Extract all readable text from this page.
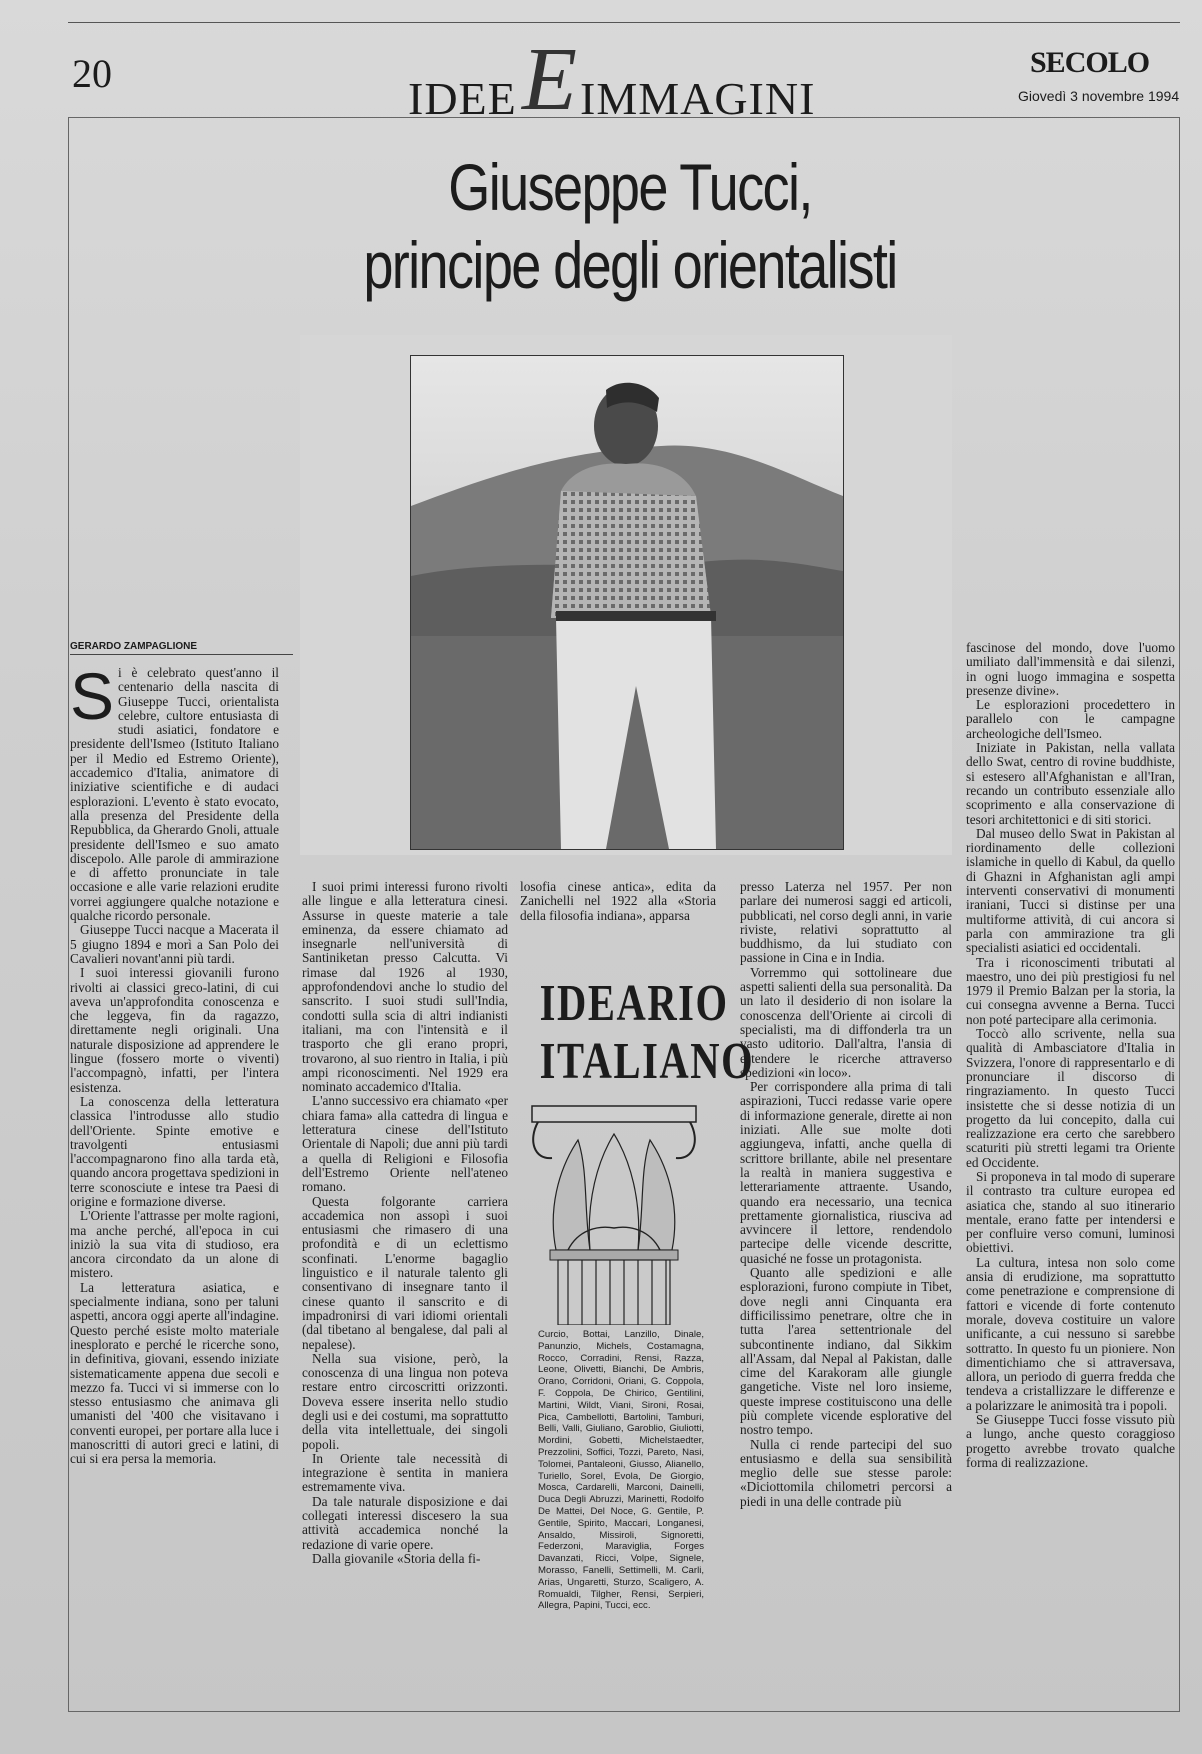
20	IDEE E IMMAGINI
SECOLO
Giovedì 3 novembre 1994
Giuseppe Tucci,
principe degli orientalisti
GERARDO ZAMPAGLIONE
S i è celebrato quest'anno il centenario della nascita di Giuseppe Tucci, orientalista celebre, cultore entusiasta di studi asiatici, fondatore e presidente dell'Ismeo (Istituto Italiano per il Medio ed Estremo Oriente), accademico d'Italia, animatore di iniziative scientifiche e di audaci esplorazioni. L'evento è stato evocato, alla presenza del Presidente della Repubblica, da Gherardo Gnoli, attuale presidente dell'Ismeo e suo amato discepolo. Alle parole di ammirazione e di affetto pronunciate in tale occasione e alle varie relazioni erudite vorrei aggiungere qualche notazione e qualche ricordo personale.

Giuseppe Tucci nacque a Macerata il 5 giugno 1894 e morì a San Polo dei Cavalieri novant'anni più tardi.

I suoi interessi giovanili furono rivolti ai classici greco-latini, di cui aveva un'approfondita conoscenza e che leggeva, fin da ragazzo, direttamente negli originali. Una naturale disposizione ad apprendere le lingue (fossero morte o viventi) l'accompagnò, infatti, per l'intera esistenza.

La conoscenza della letteratura classica l'introdusse allo studio dell'Oriente. Spinte emotive e travolgenti entusiasmi l'accompagnarono fino alla tarda età, quando ancora progettava spedizioni in terre sconosciute e intese tra Paesi di origine e formazione diverse.

L'Oriente l'attrasse per molte ragioni, ma anche perché, all'epoca in cui iniziò la sua vita di studioso, era ancora circondato da un alone di mistero.

La letteratura asiatica, e specialmente indiana, sono per taluni aspetti, ancora oggi aperte all'indagine. Questo perché esiste molto materiale inesplorato e perché le ricerche sono, in definitiva, giovani, essendo iniziate sistematicamente appena due secoli e mezzo fa. Tucci vi si immerse con lo stesso entusiasmo che animava gli umanisti del '400 che visitavano i conventi europei, per portare alla luce i manoscritti di autori greci e latini, di cui si era persa la memoria.

I suoi primi interessi furono rivolti alle lingue e alla letteratura cinesi. Assurse in queste materie a tale eminenza, da essere chiamato ad insegnarle nell'università di Santiniketan presso Calcutta. Vi rimase dal 1926 al 1930, approfondendovi anche lo studio del sanscrito. I suoi studi sull'India, condotti sulla scia di altri indianisti italiani, ma con l'intensità e il trasporto che gli erano propri, trovarono, al suo rientro in Italia, i più ampi riconoscimenti. Nel 1929 era nominato accademico d'Italia.

L'anno successivo era chiamato «per chiara fama» alla cattedra di lingua e letteratura cinese dell'Istituto Orientale di Napoli; due anni più tardi a quella di Religioni e Filosofia dell'Estremo Oriente nell'ateneo romano.

Questa folgorante carriera accademica non assopì i suoi entusiasmi che rimasero di una profondità e di un eclettismo sconfinati. L'enorme bagaglio linguistico e il naturale talento gli consentivano di insegnare tanto il cinese quanto il sanscrito e di impadronirsi di vari idiomi orientali (dal tibetano al bengalese, dal pali al nepalese).

Nella sua visione, però, la conoscenza di una lingua non poteva restare entro circoscritti orizzonti. Doveva essere inserita nello studio degli usi e dei costumi, ma soprattutto della vita intellettuale, dei singoli popoli.

In Oriente tale necessità di integrazione è sentita in maniera estremamente viva.

Da tale naturale disposizione e dai collegati interessi discesero la sua attività accademica nonché la redazione di varie opere.

Dalla giovanile «Storia della fi-

losofia cinese antica», edita da Zanichelli nel 1922 alla «Storia della filosofia indiana», apparsa

IDEARIO
ITALIANO
Curcio, Bottai, Lanzillo, Dinale, Panunzio, Michels, Costamagna, Rocco, Corradini, Rensi, Razza, Leone, Olivetti, Bianchi, De Ambris, Orano, Corridoni, Oriani, G. Coppola, F. Coppola, De Chirico, Gentilini, Martini, Wildt, Viani, Sironi, Rosai, Pica, Cambellotti, Bartolini, Tamburi, Belli, Valli, Giuliano, Garoblio, Giuliotti, Mordini, Gobetti, Michelstaedter, Prezzolini, Soffici, Tozzi, Pareto, Nasi, Tolomei, Pantaleoni, Giusso, Alianello, Turiello, Sorel, Evola, De Giorgio, Mosca, Cardarelli, Marconi, Dainelli, Duca Degli Abruzzi, Marinetti, Rodolfo De Mattei, Del Noce, G. Gentile, P. Gentile, Spirito, Maccari, Longanesi, Ansaldo, Missiroli, Signoretti, Federzoni, Maraviglia, Forges Davanzati, Ricci, Volpe, Signele, Morasso, Fanelli, Settimelli, M. Carli, Arias, Ungaretti, Sturzo, Scaligero, A. Romualdi, Tilgher, Rensi, Serpieri, Allegra, Papini, Tucci, ecc.

presso Laterza nel 1957. Per non parlare dei numerosi saggi ed articoli, pubblicati, nel corso degli anni, in varie riviste, relativi soprattutto al buddhismo, da lui studiato con passione in Cina e in India.

Vorremmo qui sottolineare due aspetti salienti della sua personalità. Da un lato il desiderio di non isolare la conoscenza dell'Oriente ai circoli di specialisti, ma di diffonderla tra un vasto uditorio. Dall'altra, l'ansia di estendere le ricerche attraverso spedizioni «in loco».

Per corrispondere alla prima di tali aspirazioni, Tucci redasse varie opere di informazione generale, dirette ai non iniziati. Alle sue molte doti aggiungeva, infatti, anche quella di scrittore brillante, abile nel presentare la realtà in maniera suggestiva e letterariamente attraente. Usando, quando era necessario, una tecnica prettamente giornalistica, riusciva ad avvincere il lettore, rendendolo partecipe delle vicende descritte, quasiché ne fosse un protagonista.

Quanto alle spedizioni e alle esplorazioni, furono compiute in Tibet, dove negli anni Cinquanta era difficilissimo penetrare, oltre che in tutta l'area settentrionale del subcontinente indiano, dal Sikkim all'Assam, dal Nepal al Pakistan, dalle cime del Karakoram alle giungle gangetiche. Viste nel loro insieme, queste imprese costituiscono una delle più complete vicende esplorative del nostro tempo.

Nulla ci rende partecipi del suo entusiasmo e della sua sensibilità meglio delle sue stesse parole: «Diciottomila chilometri percorsi a piedi in una delle contrade più

fascinose del mondo, dove l'uomo umiliato dall'immensità e dai silenzi, in ogni luogo immagina e sospetta presenze divine».

Le esplorazioni procedettero in parallelo con le campagne archeologiche dell'Ismeo.

Iniziate in Pakistan, nella vallata dello Swat, centro di rovine buddhiste, si estesero all'Afghanistan e all'Iran, recando un contributo essenziale allo scoprimento e alla conservazione di tesori architettonici e di siti storici.

Dal museo dello Swat in Pakistan al riordinamento delle collezioni islamiche in quello di Kabul, da quello di Ghazni in Afghanistan agli ampi interventi conservativi di monumenti iraniani, Tucci si distinse per una multiforme attività, di cui ancora si parla con ammirazione tra gli specialisti asiatici ed occidentali.

Tra i riconoscimenti tributati al maestro, uno dei più prestigiosi fu nel 1979 il Premio Balzan per la storia, la cui consegna avvenne a Berna. Tucci non poté partecipare alla cerimonia.

Toccò allo scrivente, nella sua qualità di Ambasciatore d'Italia in Svizzera, l'onore di rappresentarlo e di pronunciare il discorso di ringraziamento. In questo Tucci insistette che si desse notizia di un progetto da lui concepito, dalla cui realizzazione era certo che sarebbero scaturiti più stretti legami tra Oriente ed Occidente.

Si proponeva in tal modo di superare il contrasto tra culture europea ed asiatica che, stando al suo itinerario mentale, erano fatte per intendersi e per confluire verso comuni, luminosi obiettivi.

La cultura, intesa non solo come ansia di erudizione, ma soprattutto come penetrazione e comprensione di fattori e vicende di forte contenuto morale, doveva costituire un valore unificante, a cui nessuno si sarebbe sottratto. In questo fu un pioniere. Non dimentichiamo che si attraversava, allora, un periodo di guerra fredda che tendeva a cristallizzare le differenze e a polarizzare le animosità tra i popoli.

Se Giuseppe Tucci fosse vissuto più a lungo, anche questo coraggioso progetto avrebbe trovato qualche forma di realizzazione.
